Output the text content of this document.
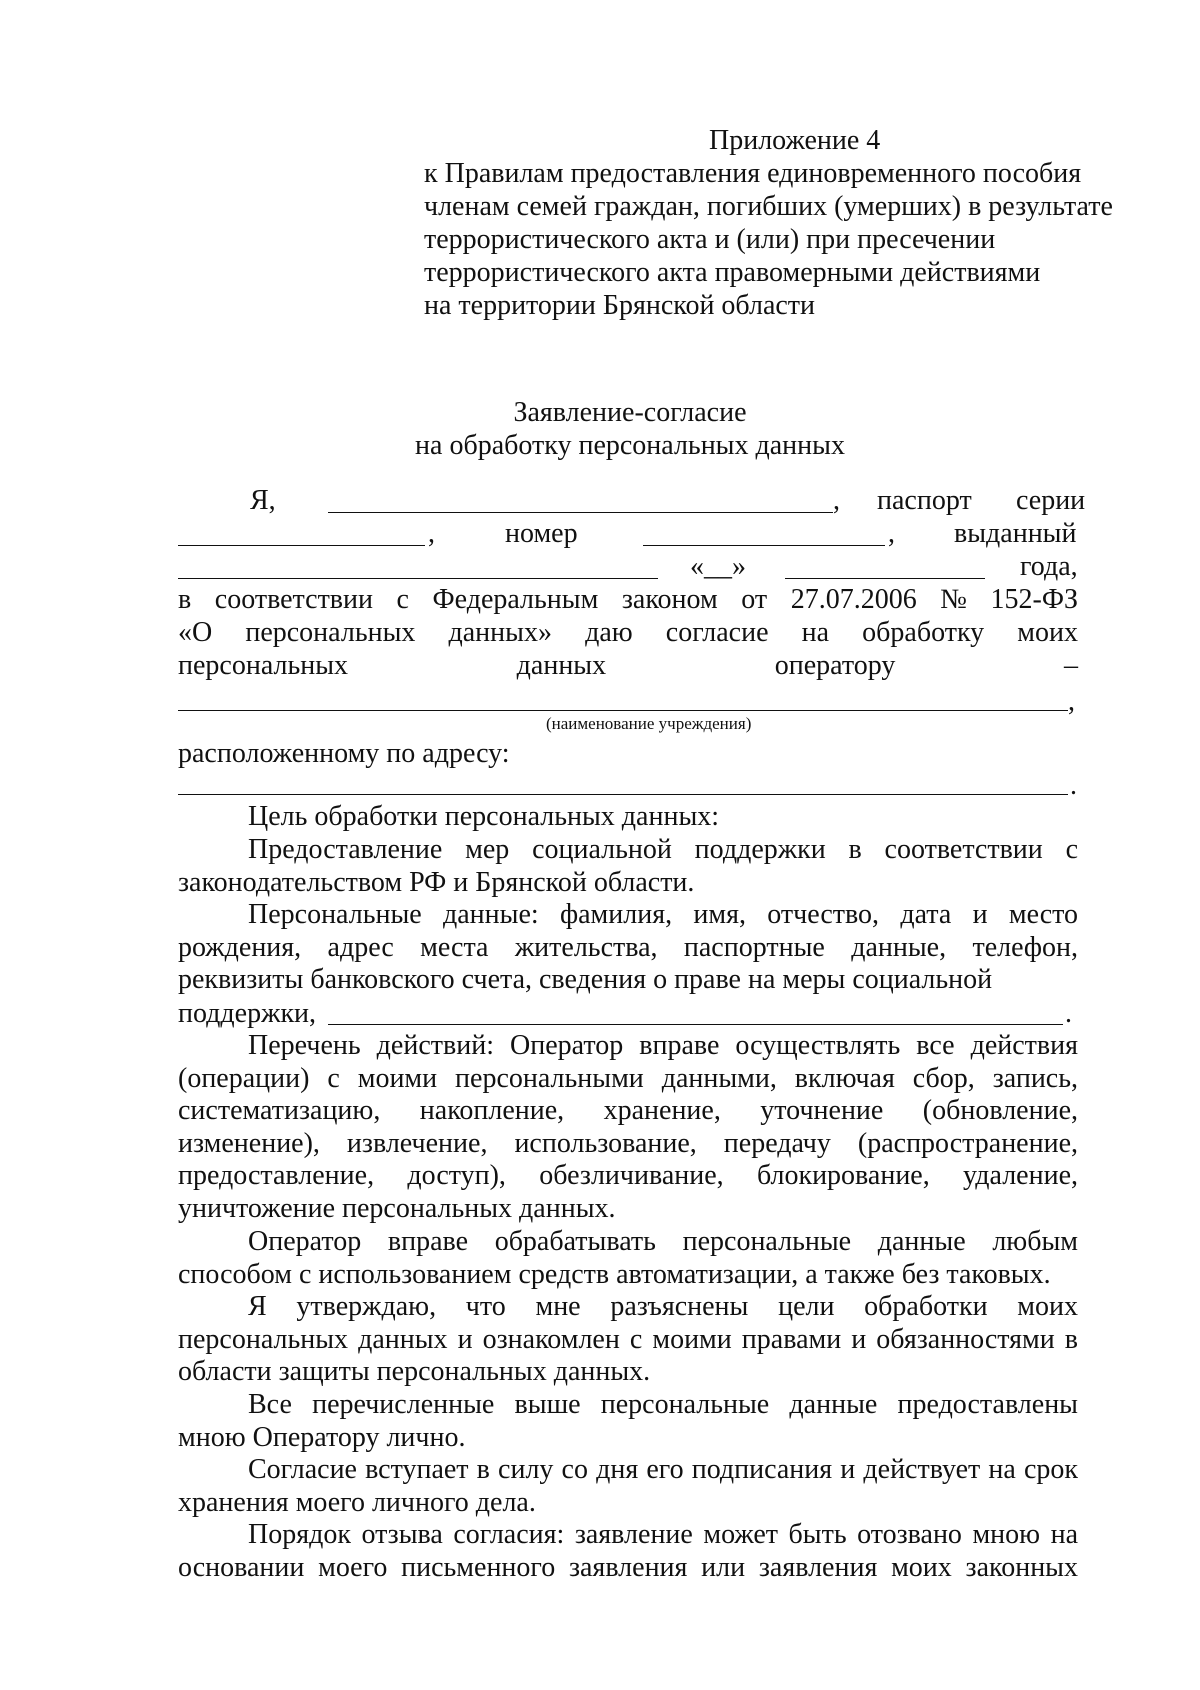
Приложение 4
к Правилам предоставления единовременного пособия
членам семей граждан, погибших (умерших) в результате
террористического акта и (или) при пресечении
террористического акта правомерными действиями
на территории Брянской области
Заявление-согласие
на обработку персональных данных
Я,	, паспорт серии
,	номер	, выданный
«__»	года,
в соответствии с Федеральным законом от 27.07.2006 № 152-ФЗ
«О персональных данных» даю согласие на обработку моих
персональных	данных	оператору	–
,
(наименование учреждения)
расположенному по адресу:
.
Цель обработки персональных данных:

Предоставление мер социальной поддержки в соответствии с законодательством РФ и Брянской области.

Персональные данные: фамилия, имя, отчество, дата и место рождения, адрес места жительства, паспортные данные, телефон, реквизиты банковского счета, сведения о праве на меры социальной

поддержки,	.

Перечень действий: Оператор вправе осуществлять все действия (операции) с моими персональными данными, включая сбор, запись, систематизацию, накопление, хранение, уточнение (обновление, изменение), извлечение, использование, передачу (распространение, предоставление, доступ), обезличивание, блокирование, удаление, уничтожение персональных данных.

Оператор вправе обрабатывать персональные данные любым способом с использованием средств автоматизации, а также без таковых.

Я утверждаю, что мне разъяснены цели обработки моих персональных данных и ознакомлен с моими правами и обязанностями в области защиты персональных данных.

Все перечисленные выше персональные данные предоставлены мною Оператору лично.

Согласие вступает в силу со дня его подписания и действует на срок хранения моего личного дела.

Порядок отзыва согласия: заявление может быть отозвано мною на основании моего письменного заявления или заявления моих законных
